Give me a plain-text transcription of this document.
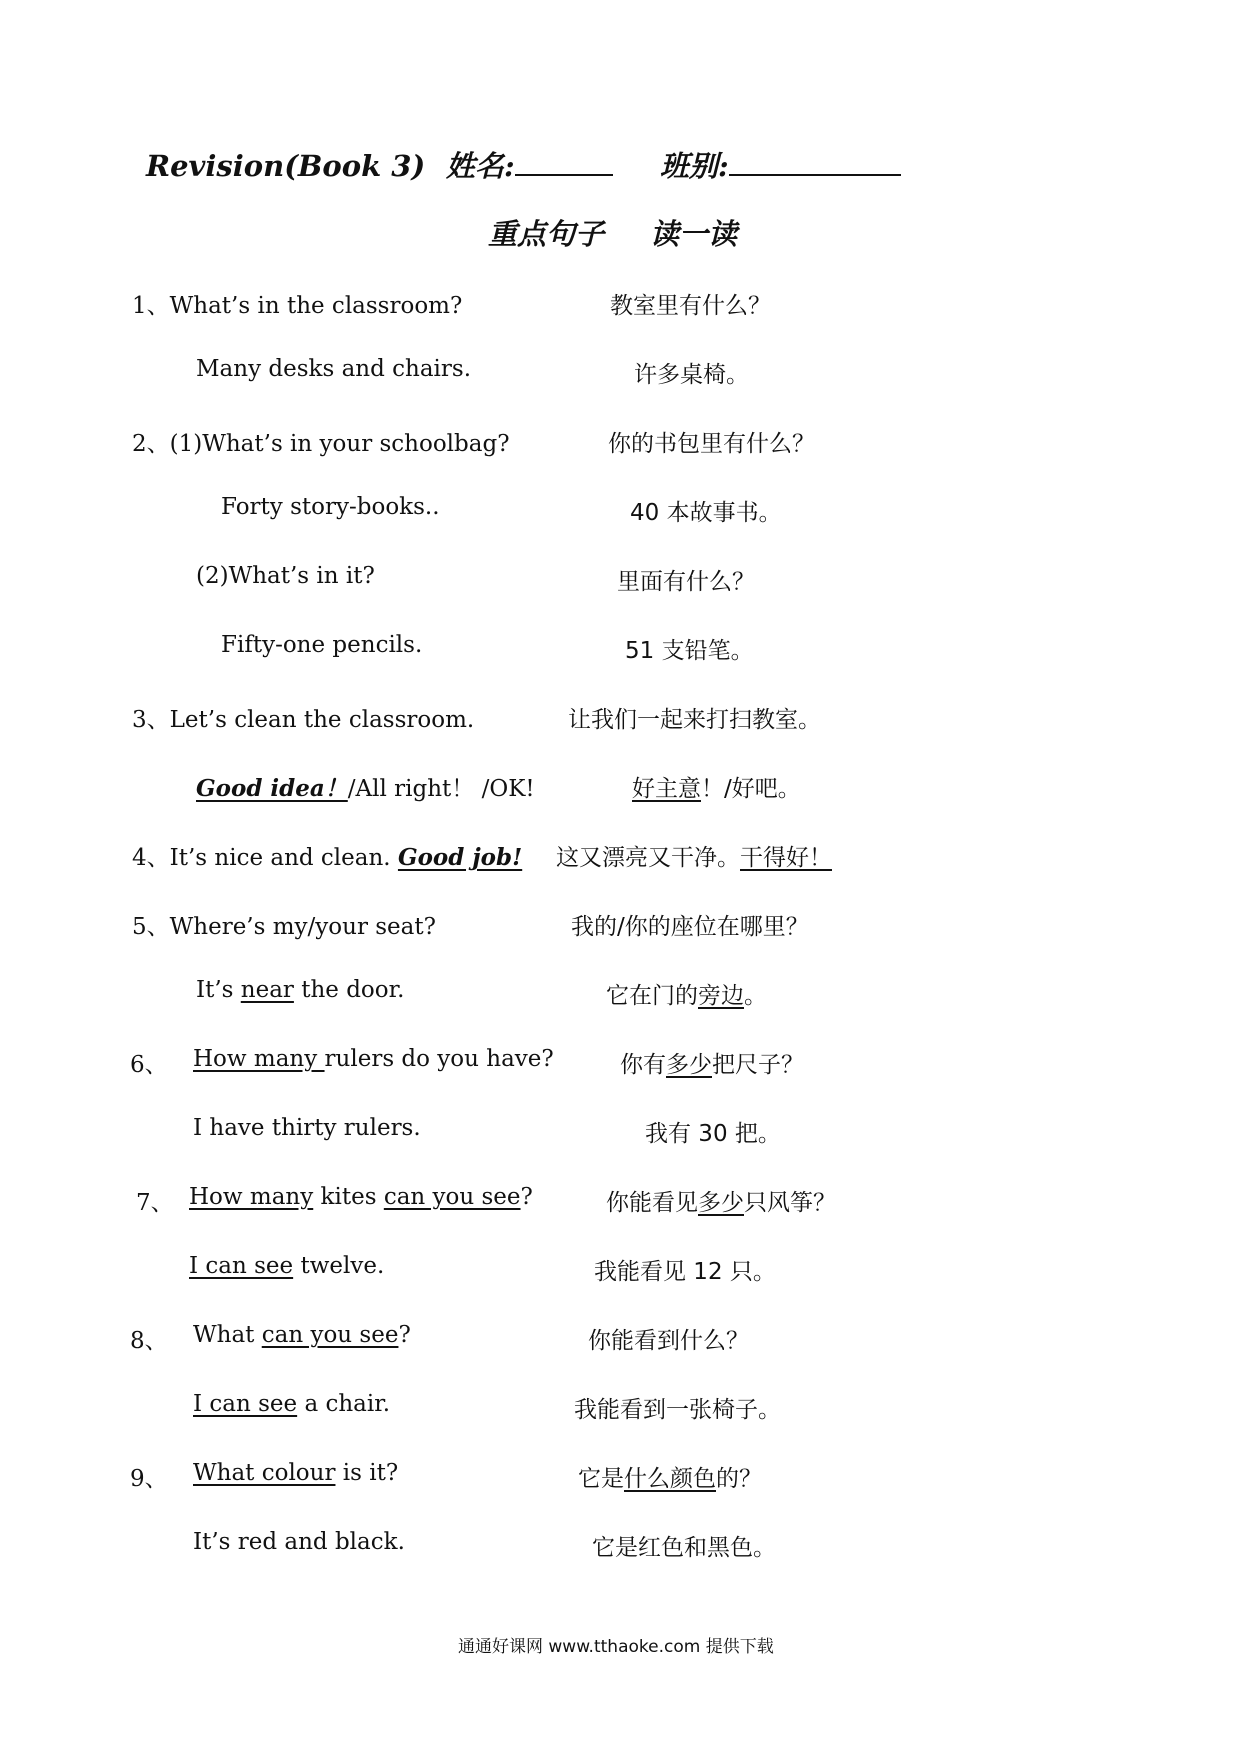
Revision(Book 3) 姓名:	班别:
重点句子 读一读
1、What’s in the classroom?	教室里有什么？
Many desks and chairs.	许多桌椅。
2、(1)What’s in your schoolbag?	你的书包里有什么？
Forty story-books..	40 本故事书。
(2)What’s in it?	里面有什么？
Fifty-one pencils.	51 支铅笔。
3、Let’s clean the classroom.	让我们一起来打扫教室。
Good idea！/All right！ /OK!	好主意！/好吧。
4、It’s nice and clean. Good job! 这又漂亮又干净。干得好！
5、Where’s my/your seat?	我的/你的座位在哪里？
It’s near the door.	它在门的旁边。
6、 How many rulers do you have?	你有多少把尺子？
I have thirty rulers.	我有 30 把。
7、 How many kites can you see?	你能看见多少只风筝？
I can see twelve.	我能看见 12 只。
8、 What can you see?	你能看到什么？
I can see a chair.	我能看到一张椅子。
9、 What colour is it?	它是什么颜色的？
It’s red and black.	它是红色和黑色。
通通好课网 www.tthaoke.com 提供下载
